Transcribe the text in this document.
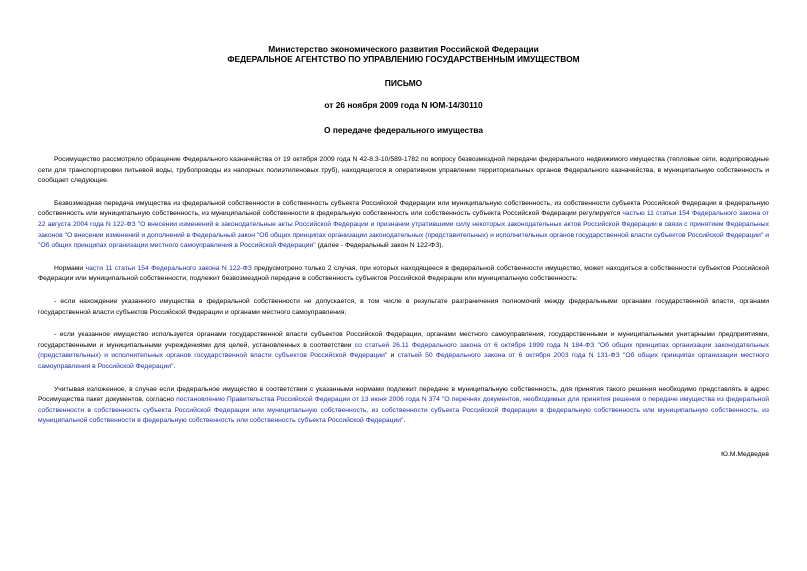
Министерство экономического развития Российской Федерации
ФЕДЕРАЛЬНОЕ АГЕНТСТВО ПО УПРАВЛЕНИЮ ГОСУДАРСТВЕННЫМ ИМУЩЕСТВОМ
ПИСЬМО
от 26 ноября 2009 года N ЮМ-14/30110
О передаче федерального имущества

Росимущество рассмотрело обращение Федерального казначейства от 19 октября 2009 года N 42-8.3-10/589-1782 по вопросу безвозмездной передачи федерального недвижимого имущества (тепловые сети, водопроводные сети для транспортировки питьевой воды, трубопроводы из напорных полиэтиленовых труб), находящегося в оперативном управлении территориальных органов Федерального казначейства, в муниципальную собственность и сообщает следующее.

Безвозмездная передача имущества из федеральной собственности в собственность субъекта Российской Федерации или муниципальную собственность, из собственности субъекта Российской Федерации в федеральную собственность или муниципальную собственность, из муниципальной собственности в федеральную собственность или собственность субъекта Российской Федерации регулируется частью 11 статьи 154 Федерального закона от 22 августа 2004 года N 122-ФЗ "О внесении изменений в законодательные акты Российской Федерации и признании утратившими силу некоторых законодательных актов Российской Федерации в связи с принятием Федеральных законов "О внесении изменений и дополнений в Федеральный закон "Об общих принципах организации законодательных (представительных) и исполнительных органов государственной власти субъектов Российской Федерации" и "Об общих принципах организации местного самоуправления в Российской Федерации" (далее - Федеральный закон N 122-ФЗ).

Нормами части 11 статьи 154 Федерального закона N 122-ФЗ предусмотрено только 2 случая, при которых находящееся в федеральной собственности имущество, может находиться в собственности субъектов Российской Федерации или муниципальной собственности, подлежит безвозмездной передаче в собственность субъектов Российской Федерации или муниципальную собственность:

- если нахождение указанного имущества в федеральной собственности не допускается, в том числе в результате разграничения полномочий между федеральными органами государственной власти, органами государственной власти субъектов Российской Федерации и органами местного самоуправления;

- если указанное имущество используется органами государственной власти субъектов Российской Федерации, органами местного самоуправления, государственными и муниципальными унитарными предприятиями, государственными и муниципальными учреждениями для целей, установленных в соответствии со статьей 26.11 Федерального закона от 6 октября 1999 года N 184-ФЗ "Об общих принципах организации законодательных (представительных) и исполнительных органов государственной власти субъектов Российской Федерации" и статьей 50 Федерального закона от 6 октября 2003 года N 131-ФЗ "Об общих принципах организации местного самоуправления в Российской Федерации".

Учитывая изложенное, в случае если федеральное имущество в соответствии с указанными нормами подлежит передаче в муниципальную собственность, для принятия такого решения необходимо представлять в адрес Росимущества пакет документов, согласно постановлению Правительства Российской Федерации от 13 июня 2006 года N 374 "О перечнях документов, необходимых для принятия решения о передаче имущества из федеральной собственности в собственность субъекта Российской Федерации или муниципальную собственность, из собственности субъекта Российской Федерации в федеральную собственность или муниципальную собственность, из муниципальной собственности в федеральную собственность или собственность субъекта Российской Федерации".

Ю.М.Медведев
